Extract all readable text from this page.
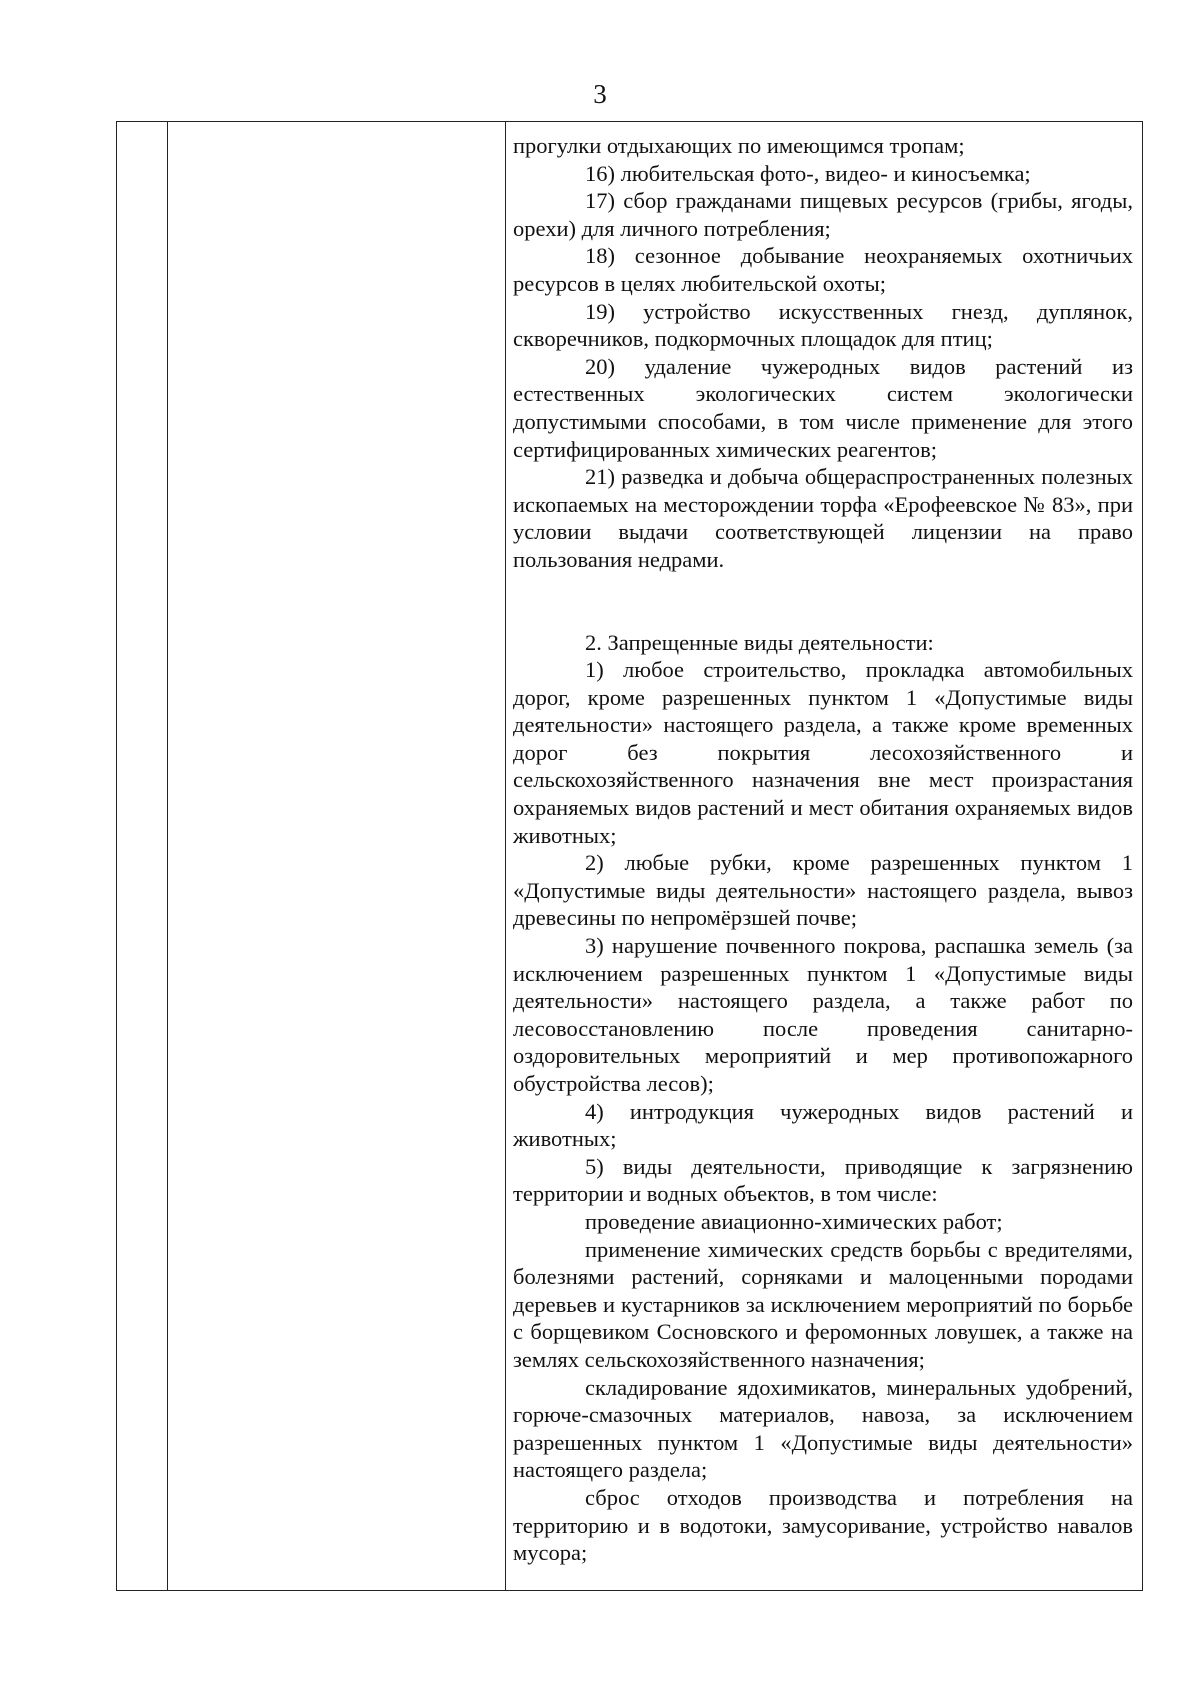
3

прогулки отдыхающих по имеющимся тропам;

16) любительская фото-, видео- и киносъемка;

17) сбор гражданами пищевых ресурсов (грибы, ягоды, орехи) для личного потребления;

18) сезонное добывание неохраняемых охотничьих ресурсов в целях любительской охоты;

19) устройство искусственных гнезд, дуплянок, скворечников, подкормочных площадок для птиц;

20) удаление чужеродных видов растений из естественных экологических систем экологически допустимыми способами, в том числе применение для этого сертифицированных химических реагентов;

21) разведка и добыча общераспространенных полезных ископаемых на месторождении торфа «Ерофеевское № 83», при условии выдачи соответствующей лицензии на право пользования недрами.

2. Запрещенные виды деятельности:

1) любое строительство, прокладка автомобильных дорог, кроме разрешенных пунктом 1 «Допустимые виды деятельности» настоящего раздела, а также кроме временных дорог без покрытия лесохозяйственного и сельскохозяйственного назначения вне мест произрастания охраняемых видов растений и мест обитания охраняемых видов животных;

2) любые рубки, кроме разрешенных пунктом 1 «Допустимые виды деятельности» настоящего раздела, вывоз древесины по непромёрзшей почве;

3) нарушение почвенного покрова, распашка земель (за исключением разрешенных пунктом 1 «Допустимые виды деятельности» настоящего раздела, а также работ по лесовосстановлению после проведения санитарно-оздоровительных мероприятий и мер противопожарного обустройства лесов);

4) интродукция чужеродных видов растений и животных;

5) виды деятельности, приводящие к загрязнению территории и водных объектов, в том числе:

проведение авиационно-химических работ;

применение химических средств борьбы с вредителями, болезнями растений, сорняками и малоценными породами деревьев и кустарников за исключением мероприятий по борьбе с борщевиком Сосновского и феромонных ловушек, а также на землях сельскохозяйственного назначения;

складирование ядохимикатов, минеральных удобрений, горюче-смазочных материалов, навоза, за исключением разрешенных пунктом 1 «Допустимые виды деятельности» настоящего раздела;

сброс отходов производства и потребления на территорию и в водотоки, замусоривание, устройство навалов мусора;
